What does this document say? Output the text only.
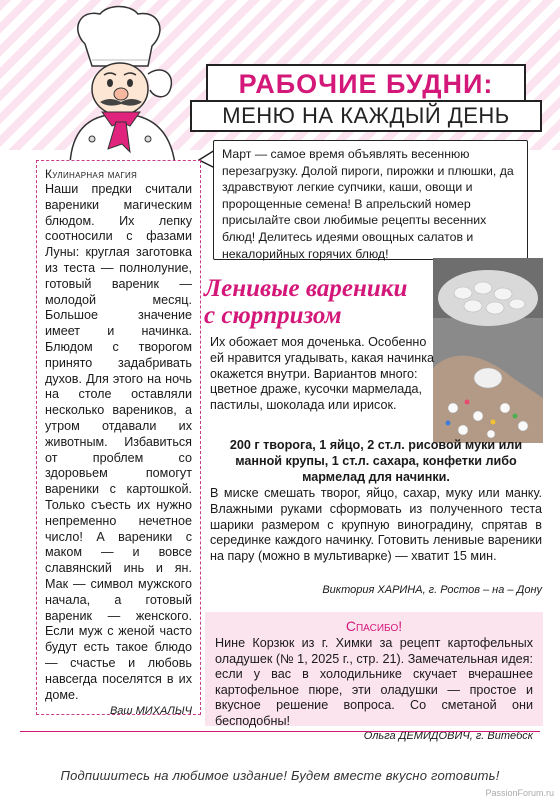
РАБОЧИЕ БУДНИ:
МЕНЮ НА КАЖДЫЙ ДЕНЬ

Март — самое время объявлять весеннюю перезагрузку. Долой пироги, пирожки и плюшки, да здравствуют легкие супчики, каши, овощи и пророщенные семена! В апрельский номер присылайте свои любимые рецепты весенних блюд! Делитесь идеями овощных салатов и некалорийных горячих блюд!

Кулинарная магия

Наши предки считали вареники магическим блюдом. Их лепку соотносили с фазами Луны: круглая заготовка из теста — полнолуние, готовый вареник — молодой месяц. Большое значение имеет и начинка. Блюдом с творогом принято задабривать духов. Для этого на ночь на столе оставляли несколько вареников, а утром отдавали их животным. Избавиться от проблем со здоровьем помогут вареники с картошкой. Только съесть их нужно непременно нечетное число! А вареники с маком — и вовсе славянский инь и ян. Мак — символ мужского начала, а готовый вареник — женского. Если муж с женой часто будут есть такое блюдо — счастье и любовь навсегда поселятся в их доме.

Ваш МИХАЛЫЧ
Ленивые вареники
с сюрпризом

Их обожает моя доченька. Особенно ей нравится угадывать, какая начинка окажется внутри. Вариантов много: цветное драже, кусочки мармелада, пастилы, шоколада или ирисок.

200 г творога, 1 яйцо, 2 ст.л. рисовой муки или манной крупы, 1 ст.л. сахара, конфетки либо мармелад для начинки.

В миске смешать творог, яйцо, сахар, муку или манку. Влажными руками сформовать из полученного теста шарики размером с крупную виноградину, спрятав в серединке каждого начинку. Готовить ленивые вареники на пару (можно в мультиварке) — хватит 15 мин.

Виктория ХАРИНА, г. Ростов – на – Дону
Спасибо!

Нине Корзюк из г. Химки за рецепт картофельных оладушек (№ 1, 2025 г., стр. 21). Замечательная идея: если у вас в холодильнике скучает вчерашнее картофельное пюре, эти оладушки — простое и вкусное решение вопроса. Со сметаной они бесподобны!

Ольга ДЕМИДОВИЧ, г. Витебск
Подпишитесь на любимое издание! Будем вместе вкусно готовить!
PassionForum.ru
